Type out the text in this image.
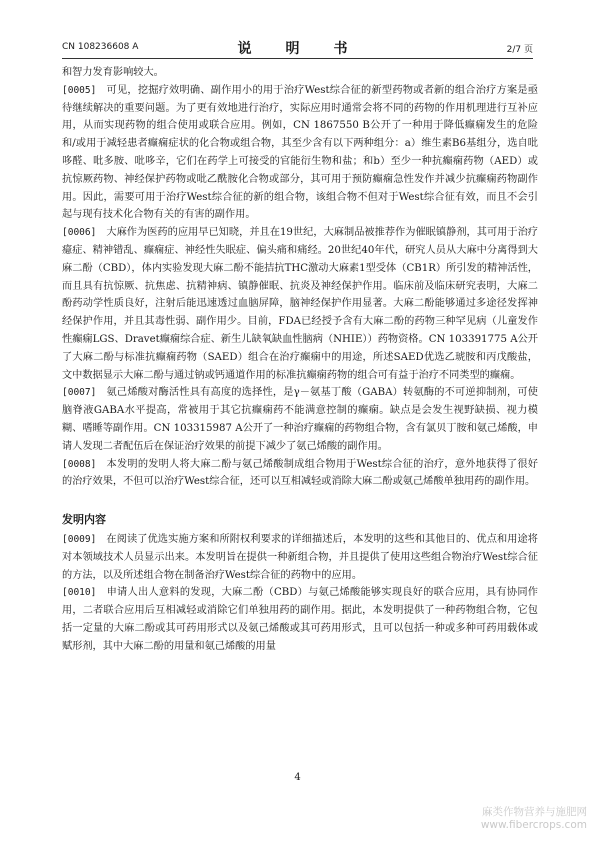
CN 108236608 A	说　明　书	2/7 页

和智力发育影响较大。

[0005] 可见，挖掘疗效明确、副作用小的用于治疗West综合征的新型药物或者新的组合治疗方案是亟待继续解决的重要问题。为了更有效地进行治疗，实际应用时通常会将不同的药物的作用机理进行互补应用，从而实现药物的组合使用或联合应用。例如，CN 1867550 B公开了一种用于降低癫痫发生的危险和/或用于减轻患者癫痫症状的化合物或组合物，其至少含有以下两种组分：a）维生素B6基组分，选自吡哆醛、吡多胺、吡哆辛，它们在药学上可接受的官能衍生物和盐；和b）至少一种抗癫痫药物（AED）或抗惊厥药物、神经保护药物或吡乙酰胺化合物或部分，其可用于预防癫痫急性发作并减少抗癫痫药物副作用。因此，需要可用于治疗West综合征的新的组合物，该组合物不但对于West综合征有效，而且不会引起与现有技术化合物有关的有害的副作用。

[0006] 大麻作为医药的应用早已知晓，并且在19世纪，大麻制品被推荐作为催眠镇静剂，其可用于治疗癔症、精神错乱、癫痫症、神经性失眠症、偏头痛和痛经。20世纪40年代，研究人员从大麻中分离得到大麻二酚（CBD），体内实验发现大麻二酚不能拮抗THC激动大麻素1型受体（CB1R）所引发的精神活性，而且具有抗惊厥、抗焦虑、抗精神病、镇静催眠、抗炎及神经保护作用。临床前及临床研究表明，大麻二酚药动学性质良好，注射后能迅速透过血脑屏障，脑神经保护作用显著。大麻二酚能够通过多途径发挥神经保护作用，并且其毒性弱、副作用少。目前，FDA已经授予含有大麻二酚的药物三种罕见病（儿童发作性癫痫LGS、Dravet癫痫综合症、新生儿缺氧缺血性脑病（NHIE））药物资格。CN 103391775 A公开了大麻二酚与标准抗癫痫药物（SAED）组合在治疗癫痫中的用途，所述SAED优选乙琥胺和丙戊酸盐，文中数据显示大麻二酚与通过钠或钙通道作用的标准抗癫痫药物的组合可有益于治疗不同类型的癫痫。

[0007] 氨己烯酸对酶活性具有高度的选择性，是γ－氨基丁酸（GABA）转氨酶的不可逆抑制剂，可使脑脊液GABA水平提高，常被用于其它抗癫痫药不能满意控制的癫痫。缺点是会发生视野缺损、视力模糊、嗜睡等副作用。CN 103315987 A公开了一种治疗癫痫的药物组合物，含有氯贝丁胺和氨己烯酸，申请人发现二者配伍后在保证治疗效果的前提下减少了氨己烯酸的副作用。

[0008] 本发明的发明人将大麻二酚与氨己烯酸制成组合物用于West综合征的治疗，意外地获得了很好的治疗效果，不但可以治疗West综合征，还可以互相减轻或消除大麻二酚或氨己烯酸单独用药的副作用。

发明内容

[0009] 在阅读了优选实施方案和所附权利要求的详细描述后，本发明的这些和其他目的、优点和用途将对本领域技术人员显示出来。本发明旨在提供一种新组合物，并且提供了使用这些组合物治疗West综合征的方法，以及所述组合物在制备治疗West综合征的药物中的应用。

[0010] 申请人出人意料的发现，大麻二酚（CBD）与氨己烯酸能够实现良好的联合应用，具有协同作用，二者联合应用后互相减轻或消除它们单独用药的副作用。据此，本发明提供了一种药物组合物，它包括一定量的大麻二酚或其可药用形式以及氨己烯酸或其可药用形式，且可以包括一种或多种可药用载体或赋形剂，其中大麻二酚的用量和氨己烯酸的用量

4
麻类作物营养与施肥网
www.fibercrops.com
